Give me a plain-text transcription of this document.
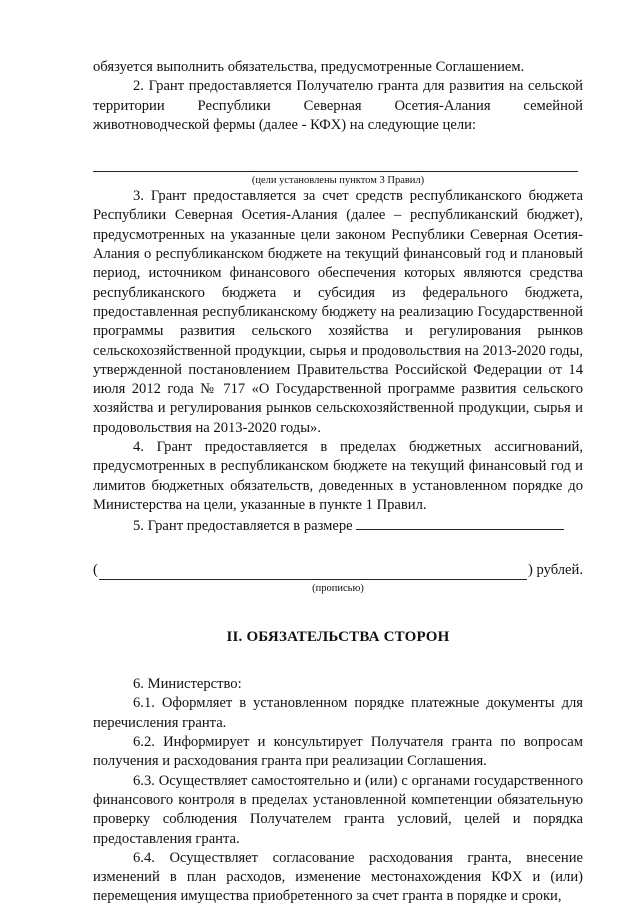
обязуется выполнить обязательства, предусмотренные Соглашением.

2. Грант предоставляется Получателю гранта для развития на сельской территории Республики Северная Осетия-Алания семейной животноводческой фермы (далее - КФХ) на следующие цели:

(цели установлены пунктом 3 Правил)

3. Грант предоставляется за счет средств республиканского бюджета Республики Северная Осетия-Алания (далее – республиканский бюджет), предусмотренных на указанные цели законом Республики Северная Осетия-Алания о республиканском бюджете на текущий финансовый год и плановый период, источником финансового обеспечения которых являются средства республиканского бюджета и субсидия из федерального бюджета, предоставленная республиканскому бюджету на реализацию Государственной программы развития сельского хозяйства и регулирования рынков сельскохозяйственной продукции, сырья и продовольствия на 2013-2020 годы, утвержденной постановлением Правительства Российской Федерации от 14 июля 2012 года № 717 «О Государственной программе развития сельского хозяйства и регулирования рынков сельскохозяйственной продукции, сырья и продовольствия на 2013-2020 годы».

4. Грант предоставляется в пределах бюджетных ассигнований, предусмотренных в республиканском бюджете на текущий финансовый год и лимитов бюджетных обязательств, доведенных в установленном порядке до Министерства на цели, указанные в пункте 1 Правил.

5. Грант предоставляется в размере

(	) рублей.

(прописью)

II. ОБЯЗАТЕЛЬСТВА СТОРОН

6. Министерство:

6.1. Оформляет в установленном порядке платежные документы для перечисления гранта.

6.2. Информирует и консультирует Получателя гранта по вопросам получения и расходования гранта при реализации Соглашения.

6.3. Осуществляет самостоятельно и (или) с органами государственного финансового контроля в пределах установленной компетенции обязательную проверку соблюдения Получателем гранта условий, целей и порядка предоставления гранта.

6.4. Осуществляет согласование расходования гранта, внесение изменений в план расходов, изменение местонахождения КФХ и (или) перемещения имущества приобретенного за счет гранта в порядке и сроки,
